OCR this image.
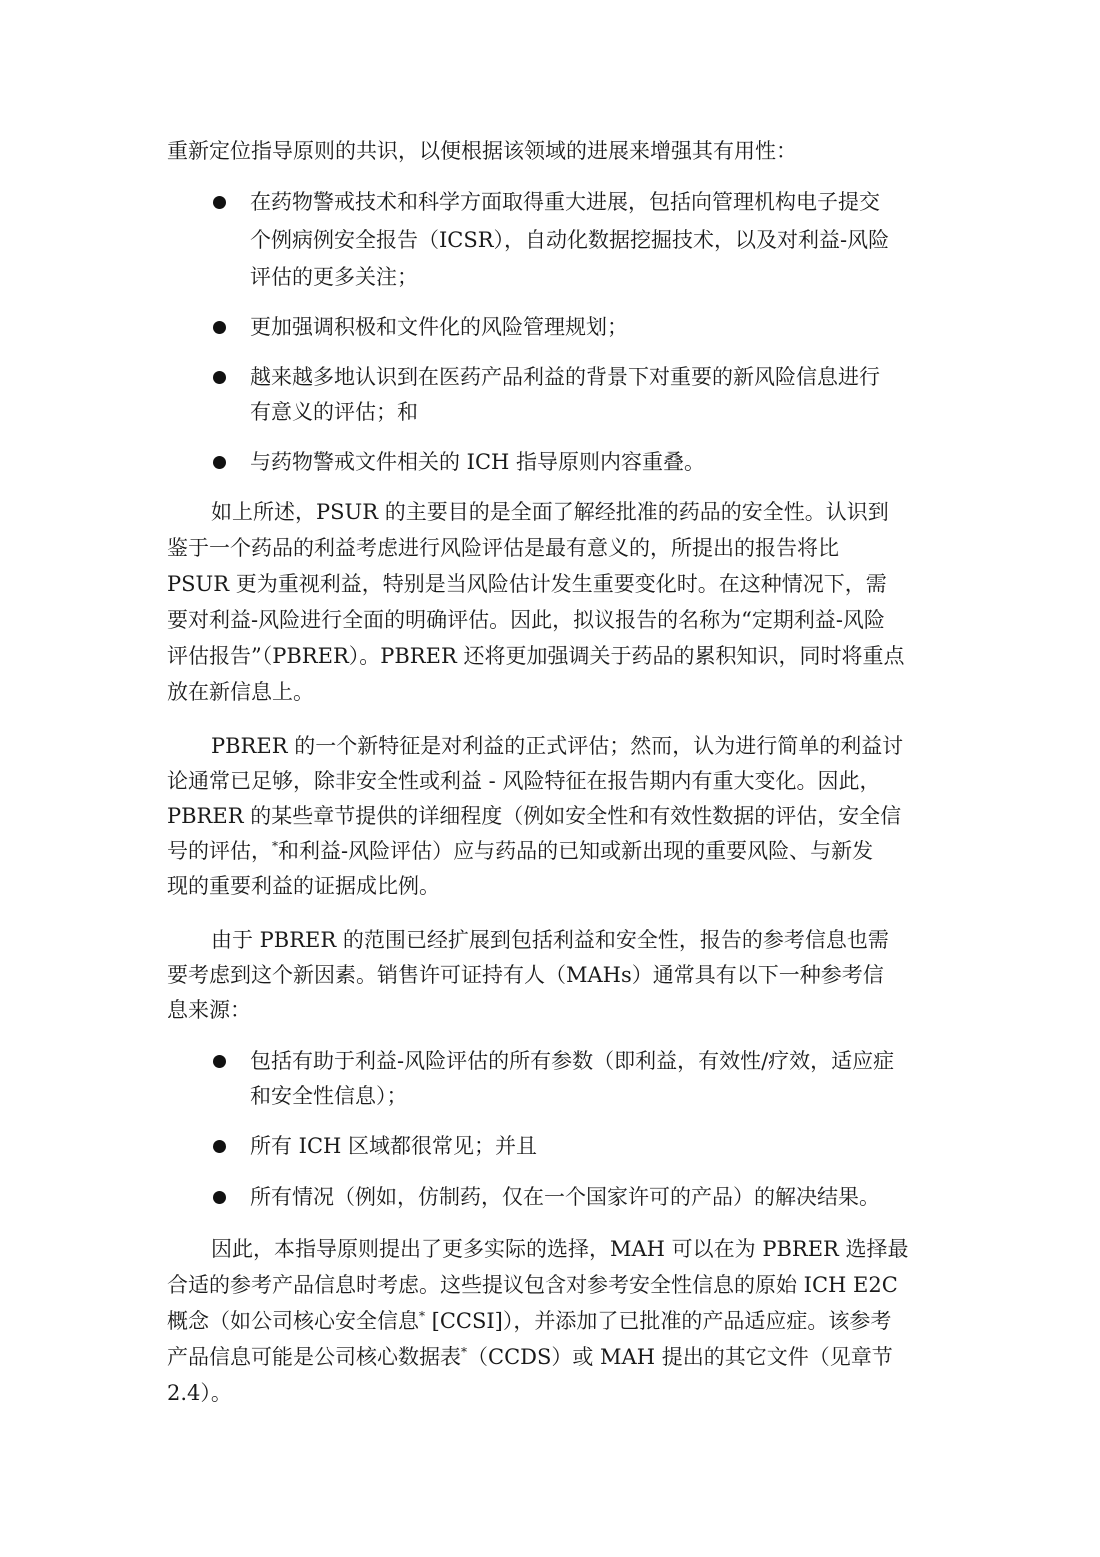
重新定位指导原则的共识，以便根据该领域的进展来增强其有用性：
在药物警戒技术和科学方面取得重大进展，包括向管理机构电子提交
个例病例安全报告（ICSR），自动化数据挖掘技术，以及对利益-风险
评估的更多关注；
更加强调积极和文件化的风险管理规划；
越来越多地认识到在医药产品利益的背景下对重要的新风险信息进行
有意义的评估；和
与药物警戒文件相关的 ICH 指导原则内容重叠。
如上所述，PSUR 的主要目的是全面了解经批准的药品的安全性。认识到
鉴于一个药品的利益考虑进行风险评估是最有意义的，所提出的报告将比
PSUR 更为重视利益，特别是当风险估计发生重要变化时。在这种情况下，需
要对利益-风险进行全面的明确评估。因此，拟议报告的名称为“定期利益-风险
评估报告”（PBRER）。PBRER 还将更加强调关于药品的累积知识，同时将重点
放在新信息上。
PBRER 的一个新特征是对利益的正式评估；然而，认为进行简单的利益讨
论通常已足够，除非安全性或利益 - 风险特征在报告期内有重大变化。因此，
PBRER 的某些章节提供的详细程度（例如安全性和有效性数据的评估，安全信
号的评估，*和利益-风险评估）应与药品的已知或新出现的重要风险、与新发
现的重要利益的证据成比例。
由于 PBRER 的范围已经扩展到包括利益和安全性，报告的参考信息也需
要考虑到这个新因素。销售许可证持有人（MAHs）通常具有以下一种参考信
息来源：
包括有助于利益-风险评估的所有参数（即利益，有效性/疗效，适应症
和安全性信息）；
所有 ICH 区域都很常见；并且
所有情况（例如，仿制药，仅在一个国家许可的产品）的解决结果。
因此，本指导原则提出了更多实际的选择，MAH 可以在为 PBRER 选择最
合适的参考产品信息时考虑。这些提议包含对参考安全性信息的原始 ICH E2C
概念（如公司核心安全信息* [CCSI]），并添加了已批准的产品适应症。该参考
产品信息可能是公司核心数据表*（CCDS）或 MAH 提出的其它文件（见章节
2.4）。
